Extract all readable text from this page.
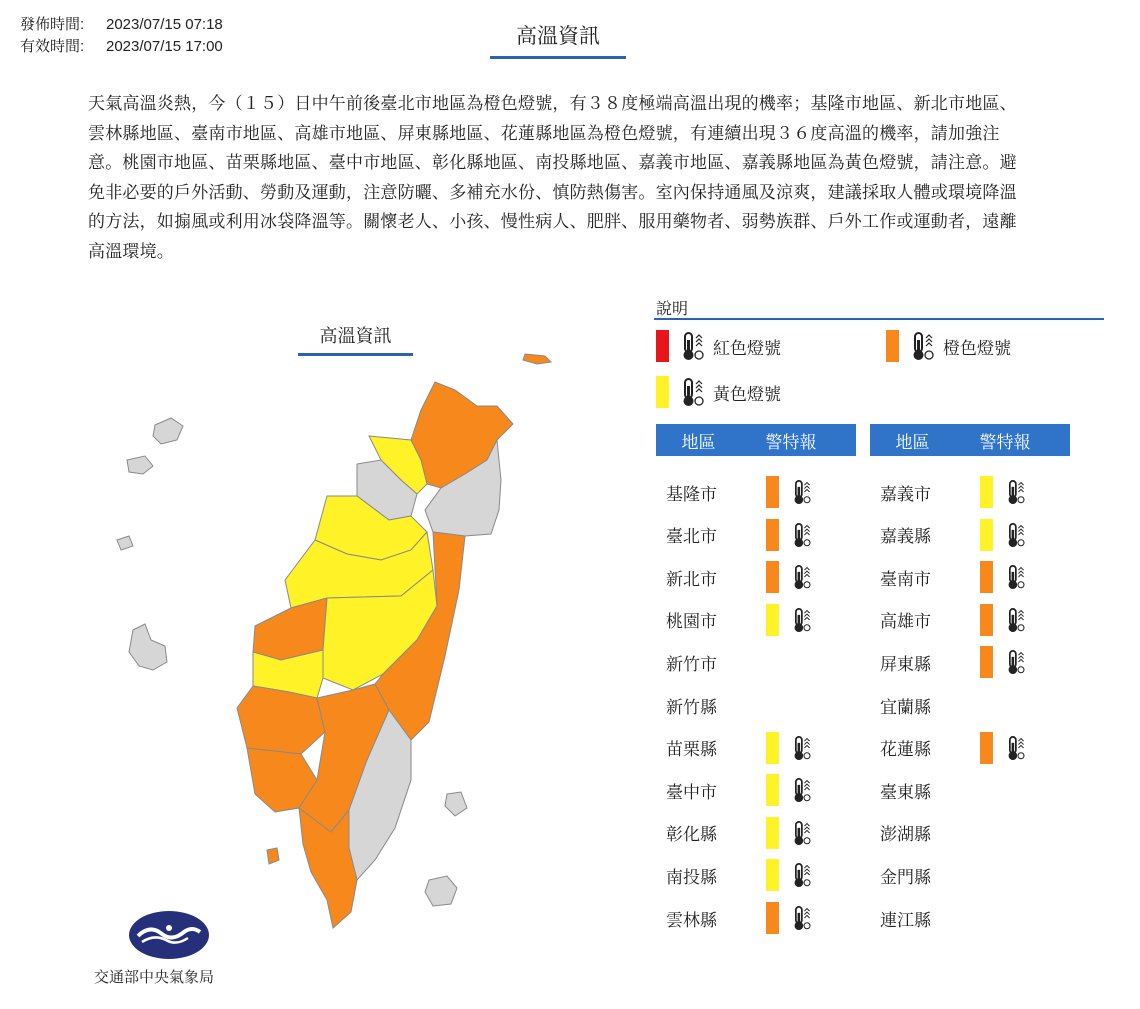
發佈時間: 2023/07/15 07:18
有效時間: 2023/07/15 17:00	高溫資訊

天氣高溫炎熱，今（１５）日中午前後臺北市地區為橙色燈號，有３８度極端高溫出現的機率；基隆市地區、新北市地區、雲林縣地區、臺南市地區、高雄市地區、屏東縣地區、花蓮縣地區為橙色燈號，有連續出現３６度高溫的機率，請加強注意。桃園市地區、苗栗縣地區、臺中市地區、彰化縣地區、南投縣地區、嘉義市地區、嘉義縣地區為黃色燈號，請注意。避免非必要的戶外活動、勞動及運動，注意防曬、多補充水份、慎防熱傷害。室內保持通風及涼爽，建議採取人體或環境降溫的方法，如搧風或利用冰袋降溫等。關懷老人、小孩、慢性病人、肥胖、服用藥物者、弱勢族群、戶外工作或運動者，遠離高溫環境。

高溫資訊
交通部中央氣象局
說明
紅色燈號	橙色燈號
黃色燈號
地區	警特報
基隆市
臺北市
新北市
桃園市
新竹市
新竹縣
苗栗縣
臺中市
彰化縣
南投縣
雲林縣
地區	警特報
嘉義市
嘉義縣
臺南市
高雄市
屏東縣
宜蘭縣
花蓮縣
臺東縣
澎湖縣
金門縣
連江縣
